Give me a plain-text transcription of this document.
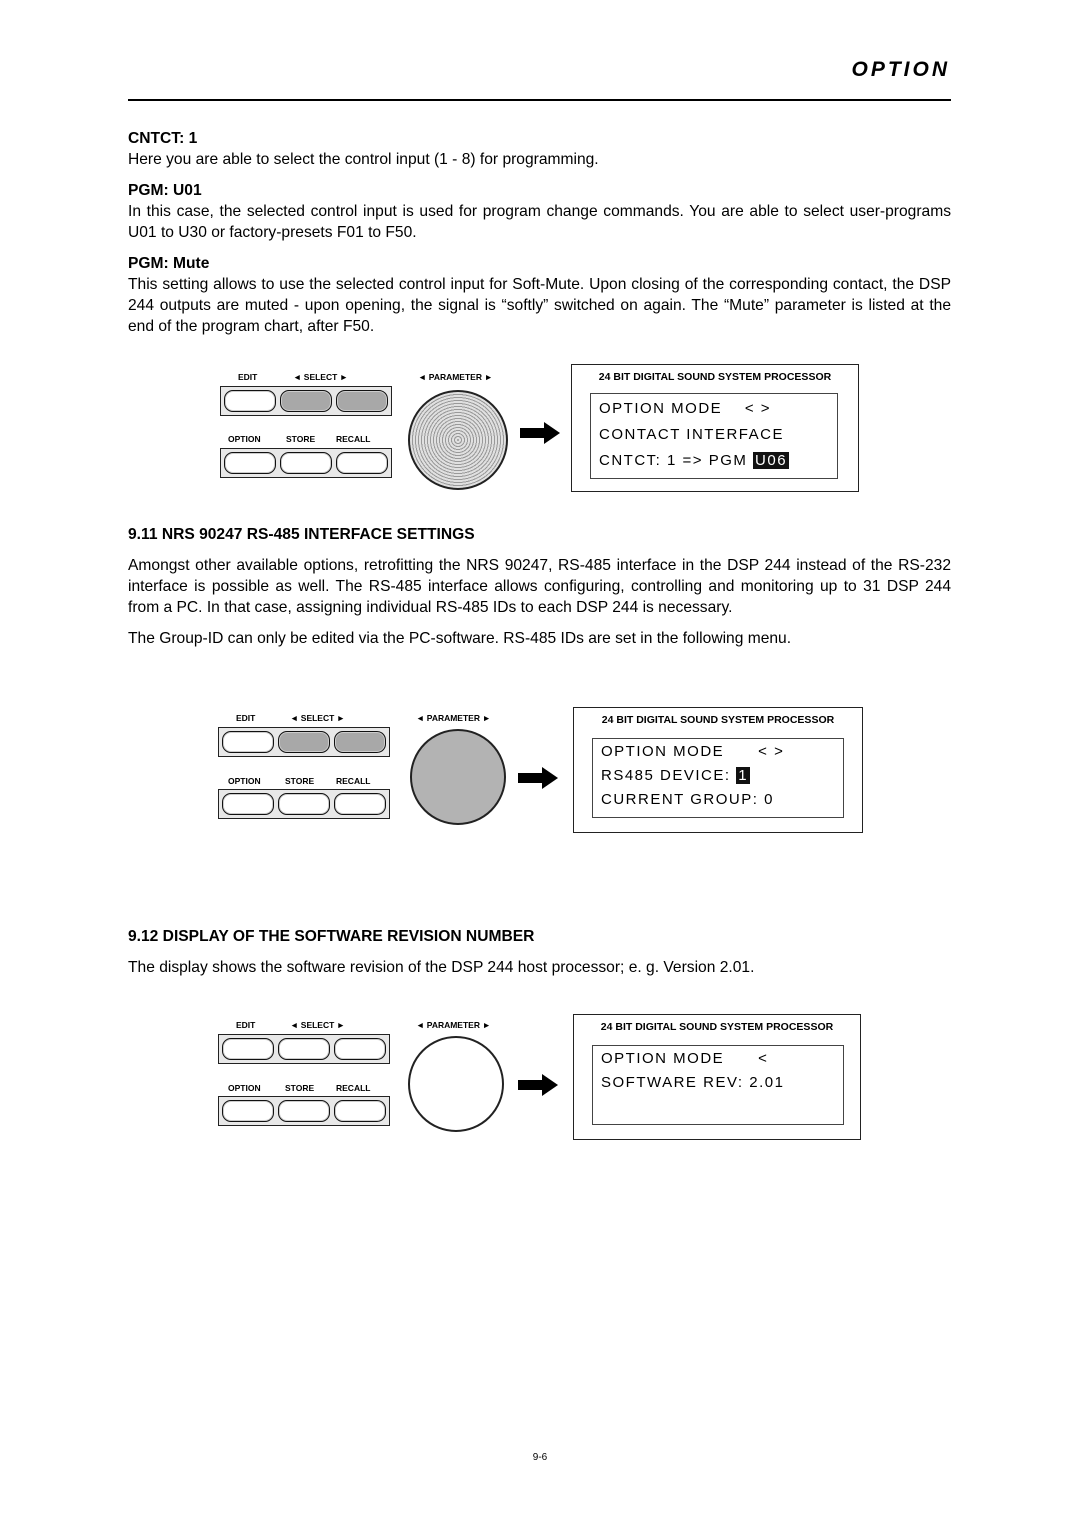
OPTION
CNTCT: 1

Here you are able to select the control input (1 - 8) for programming.

PGM: U01

In this case, the selected control input is used for program change commands. You are able to select user-programs U01 to U30 or factory-presets F01 to F50.

PGM: Mute

This setting allows to use the selected control input for Soft-Mute. Upon closing of the corresponding contact, the DSP 244 outputs are muted - upon opening, the signal is “softly” switched on again. The “Mute” parameter is listed at the end of the program chart, after F50.

EDIT	◄ SELECT ►
OPTION	STORE RECALL
◄ PARAMETER ►	24 BIT DIGITAL SOUND SYSTEM PROCESSOR
OPTION MODE    < >
CONTACT INTERFACE
CNTCT: 1 => PGM U06
9.11 NRS 90247 RS-485 INTERFACE SETTINGS

Amongst other available options, retrofitting the NRS 90247, RS-485 interface in the DSP 244 instead of the RS-232 interface is possible as well. The RS-485 interface allows configuring, controlling and monitoring up to 31 DSP 244 from a PC. In that case, assigning individual RS-485 IDs to each DSP 244 is necessary.

The Group-ID can only be edited via the PC-software. RS-485 IDs are set in the following menu.

EDIT	◄ SELECT ►
OPTION	STORE	RECALL
◄ PARAMETER ►	24 BIT DIGITAL SOUND SYSTEM PROCESSOR
OPTION MODE      < >
RS485 DEVICE: 1
CURRENT GROUP: 0
9.12 DISPLAY OF THE SOFTWARE REVISION NUMBER

The display shows the software revision of the DSP 244 host processor; e. g. Version 2.01.

EDIT	◄ SELECT ►
OPTION	STORE	RECALL
◄ PARAMETER ►	24 BIT DIGITAL SOUND SYSTEM PROCESSOR
OPTION MODE      <
SOFTWARE REV: 2.01
9-6
